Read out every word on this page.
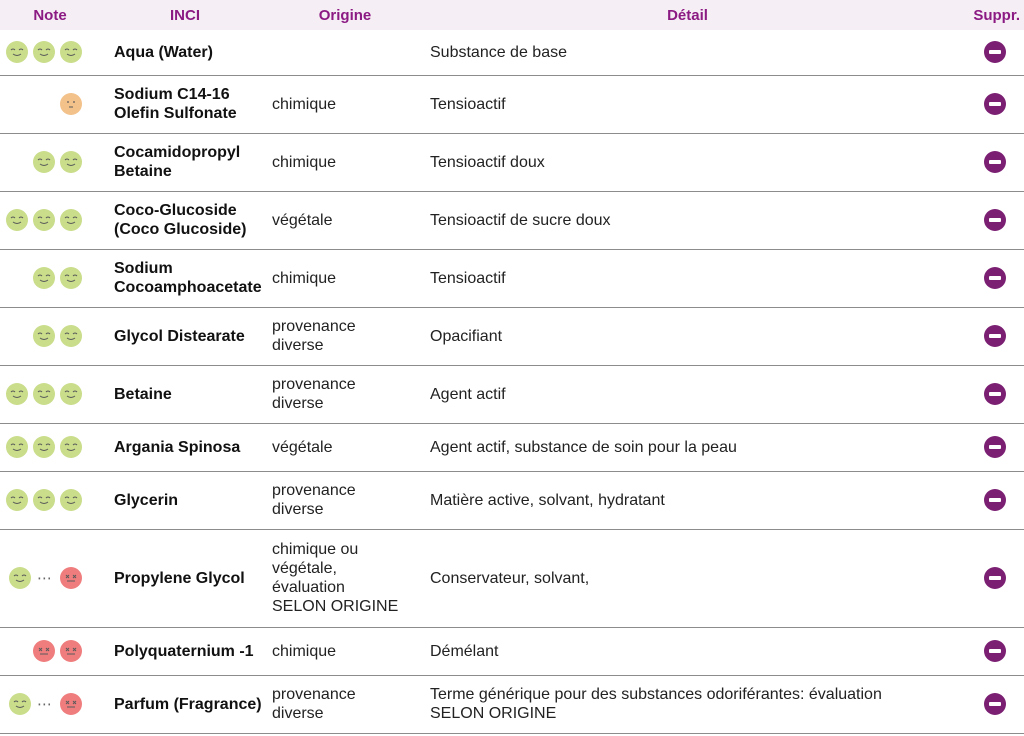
Note	INCI	Origine	Détail	Suppr.

	Aqua (Water)		Substance de base	

	Sodium C14-16
Olefin Sulfonate	chimique	Tensioactif	

	Cocamidopropyl
Betaine	chimique	Tensioactif doux	

	Coco-Glucoside
(Coco Glucoside)	végétale	Tensioactif de sucre doux	

	Sodium
Cocoamphoacetate	chimique	Tensioactif	

	Glycol Distearate	provenance
diverse	Opacifiant	

	Betaine	provenance
diverse	Agent actif	

	Argania Spinosa	végétale	Agent actif, substance de soin pour la peau	

	Glycerin	provenance
diverse	Matière active, solvant, hydratant	

⋯	Propylene Glycol	chimique ou
végétale,
évaluation
SELON ORIGINE	Conservateur, solvant,	

	Polyquaternium -1	chimique	Démélant	

⋯	Parfum (Fragrance)	provenance
diverse	Terme générique pour des substances odoriférantes: évaluation
SELON ORIGINE	
